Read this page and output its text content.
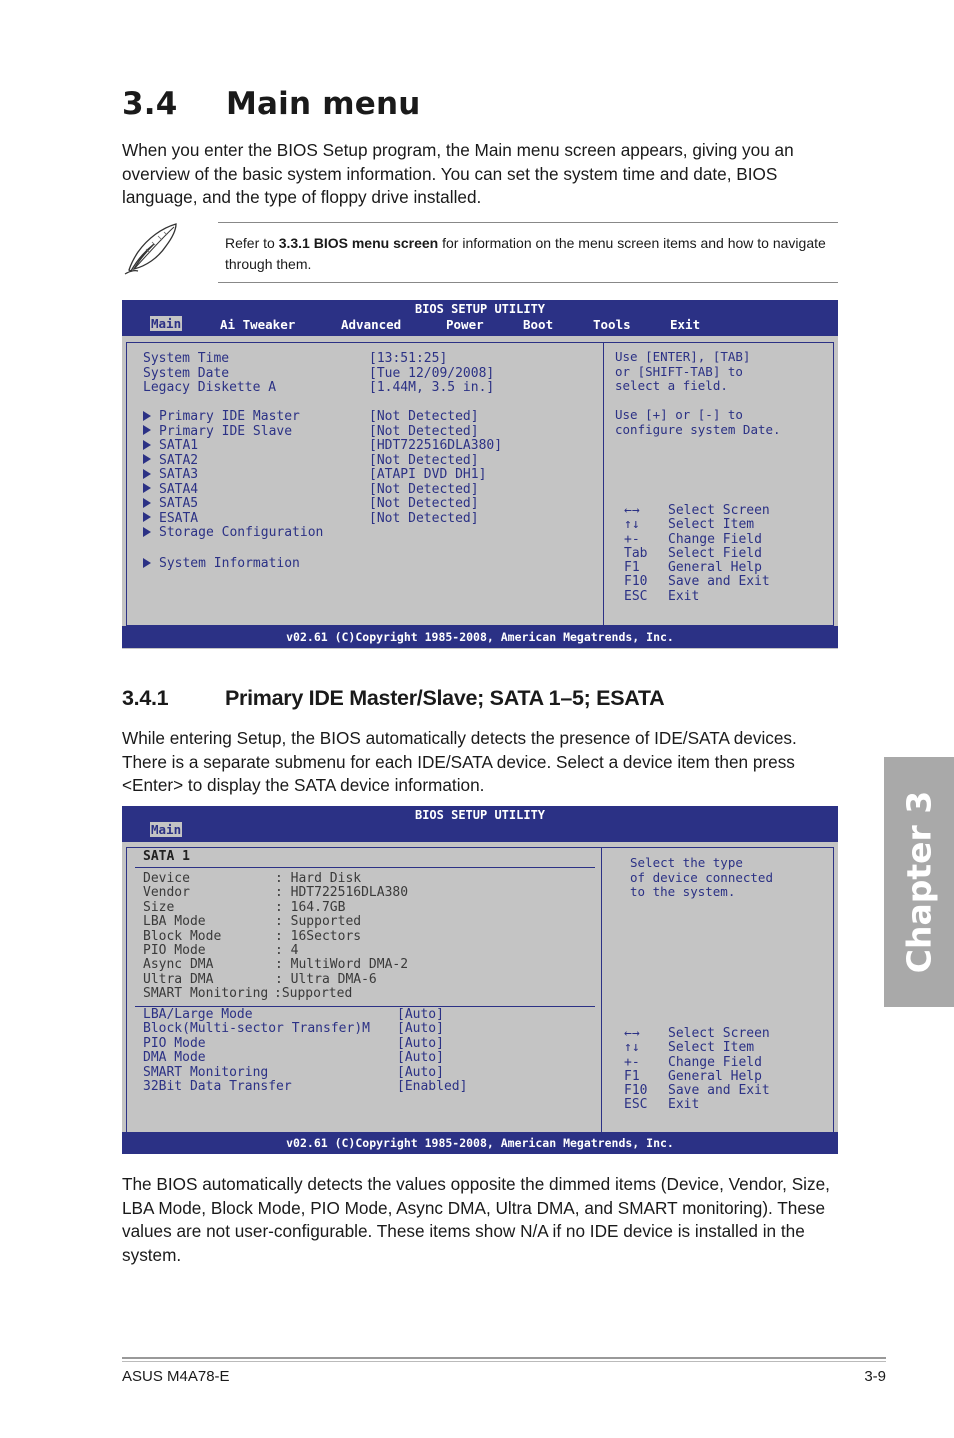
3.4 Main menu

When you enter the BIOS Setup program, the Main menu screen appears, giving you an overview of the basic system information. You can set the system time and date, BIOS language, and the type of floppy drive installed.

Refer to 3.3.1 BIOS menu screen for information on the menu screen items and how to navigate through them.
BIOS SETUP UTILITY
Main	Ai Tweaker	Advanced	Power	Boot	Tools	Exit
System Time	[13:51:25]
System Date	[Tue 12/09/2008]
Legacy Diskette A	[1.44M, 3.5 in.]
Use [ENTER], [TAB]
or [SHIFT-TAB] to
select a field.
Use [+] or [-] to
configure system Date.
←→ Select Screen
↑↓ Select Item
+- Change Field
Tab Select Field
F1 General Help
F10 Save and Exit
ESC Exit
v02.61 (C)Copyright 1985-2008, American Megatrends, Inc.
Primary IDE Master	[Not Detected]
Primary IDE Slave	[Not Detected]
SATA1	[HDT722516DLA380]
SATA2	[Not Detected]
SATA3	[ATAPI DVD DH1]
SATA4	[Not Detected]
SATA5	[Not Detected]
ESATA	[Not Detected]
Storage Configuration
System Information
3.4.1	Primary IDE Master/Slave; SATA 1–5; ESATA

While entering Setup, the BIOS automatically detects the presence of IDE/SATA devices. There is a separate submenu for each IDE/SATA device. Select a device item then press <Enter> to display the SATA device information.

BIOS SETUP UTILITY
Main
SATA 1	Select the type
of device connected
to the system.
←→ Select Screen
↑↓ Select Item
+- Change Field
F1 General Help
F10 Save and Exit
ESC Exit
v02.61 (C)Copyright 1985-2008, American Megatrends, Inc.
Device	: Hard Disk
Vendor	: HDT722516DLA380
Size	: 164.7GB
LBA Mode	: Supported
Block Mode	: 16Sectors
PIO Mode	: 4
Async DMA	: MultiWord DMA-2
Ultra DMA	: Ultra DMA-6
SMART Monitoring :Supported
LBA/Large Mode	[Auto]
Block(Multi-sector Transfer)M [Auto]
PIO Mode	[Auto]
DMA Mode	[Auto]
SMART Monitoring	[Auto]
32Bit Data Transfer	[Enabled]

The BIOS automatically detects the values opposite the dimmed items (Device, Vendor, Size, LBA Mode, Block Mode, PIO Mode, Async DMA, Ultra DMA, and SMART monitoring). These values are not user-configurable. These items show N/A if no IDE device is installed in the system.

Chapter 3
ASUS M4A78-E	3-9
